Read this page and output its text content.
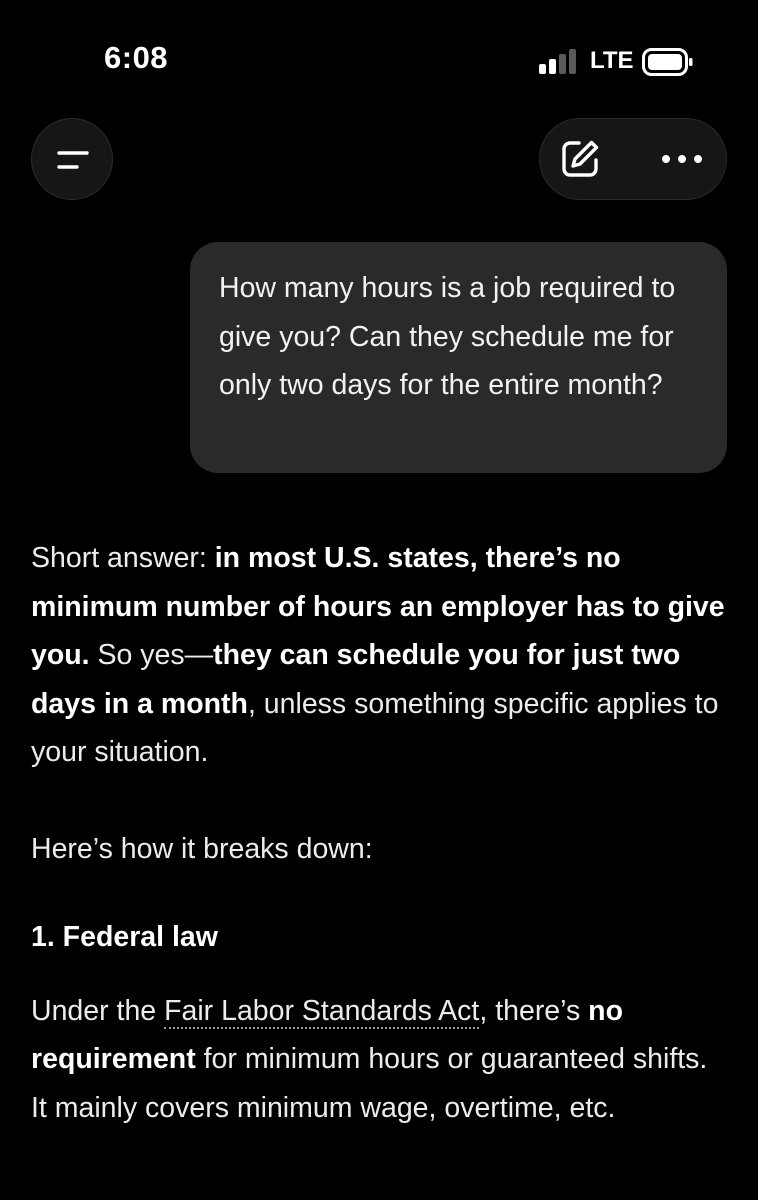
6:08	LTE
How many hours is a job required to give you? Can they schedule me for only two days for the entire month?

Short answer: in most U.S. states, there’s no minimum number of hours an employer has to give you. So yes—they can schedule you for just two days in a month, unless something specific applies to your situation.

Here’s how it breaks down:

1. Federal law

Under the Fair Labor Standards Act, there’s no requirement for minimum hours or guaranteed shifts. It mainly covers minimum wage, overtime, etc.
